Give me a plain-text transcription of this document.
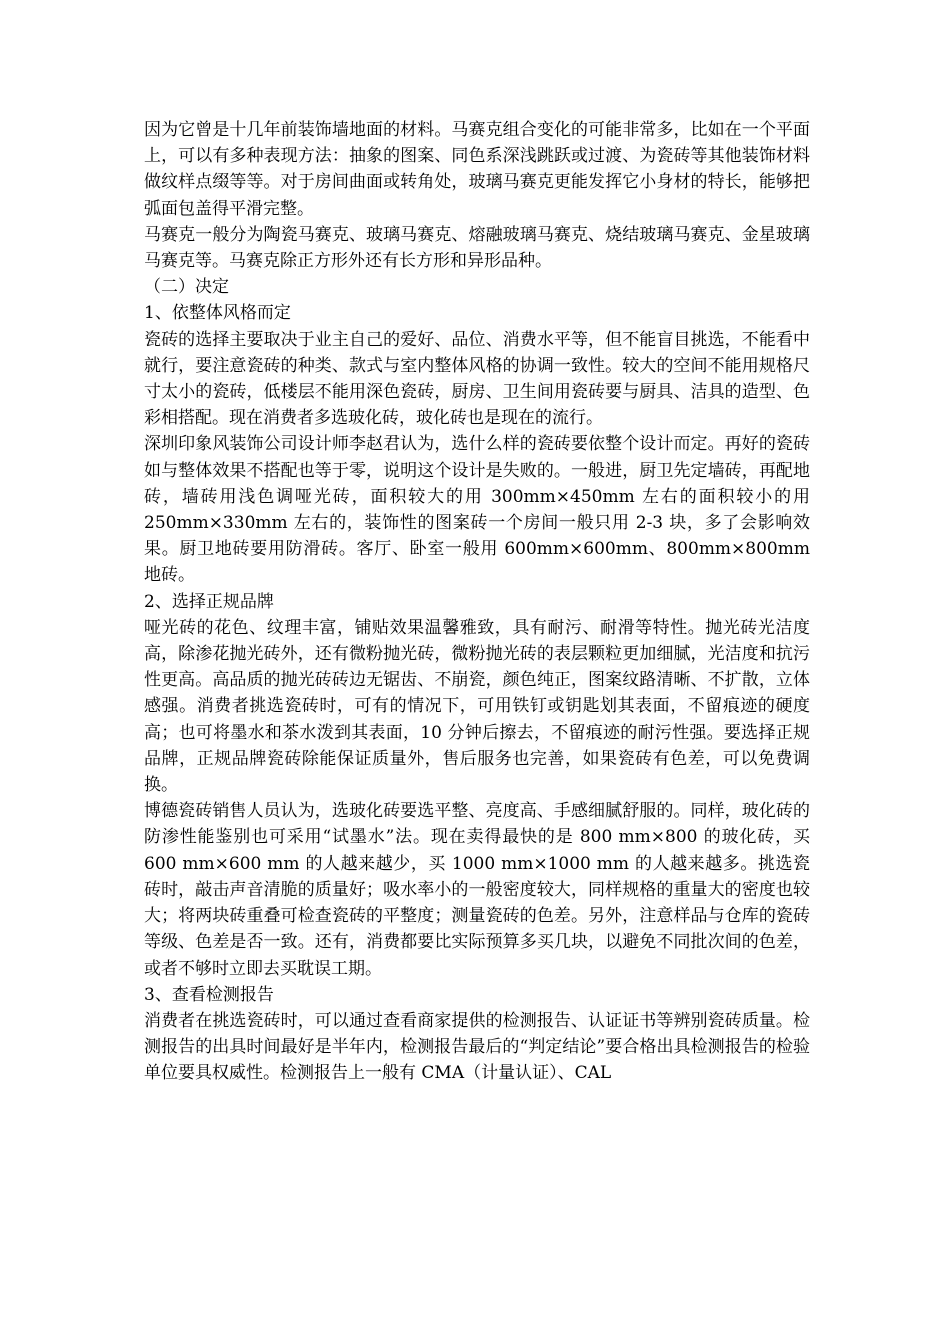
因为它曾是十几年前装饰墙地面的材料。马赛克组合变化的可能非常多，比如在一个平面上，可以有多种表现方法：抽象的图案、同色系深浅跳跃或过渡、为瓷砖等其他装饰材料做纹样点缀等等。对于房间曲面或转角处，玻璃马赛克更能发挥它小身材的特长，能够把弧面包盖得平滑完整。

马赛克一般分为陶瓷马赛克、玻璃马赛克、熔融玻璃马赛克、烧结玻璃马赛克、金星玻璃马赛克等。马赛克除正方形外还有长方形和异形品种。

（二）决定

1、依整体风格而定

瓷砖的选择主要取决于业主自己的爱好、品位、消费水平等，但不能盲目挑选，不能看中就行，要注意瓷砖的种类、款式与室内整体风格的协调一致性。较大的空间不能用规格尺寸太小的瓷砖，低楼层不能用深色瓷砖，厨房、卫生间用瓷砖要与厨具、洁具的造型、色彩相搭配。现在消费者多选玻化砖，玻化砖也是现在的流行。

深圳印象风装饰公司设计师李赵君认为，选什么样的瓷砖要依整个设计而定。再好的瓷砖如与整体效果不搭配也等于零，说明这个设计是失败的。一般进，厨卫先定墙砖，再配地砖，墙砖用浅色调哑光砖，面积较大的用 300mm×450mm 左右的面积较小的用 250mm×330mm 左右的，装饰性的图案砖一个房间一般只用 2-3 块，多了会影响效果。厨卫地砖要用防滑砖。客厅、卧室一般用 600mm×600mm、800mm×800mm 地砖。

2、选择正规品牌

哑光砖的花色、纹理丰富，铺贴效果温馨雅致，具有耐污、耐滑等特性。抛光砖光洁度高，除渗花抛光砖外，还有微粉抛光砖，微粉抛光砖的表层颗粒更加细腻，光洁度和抗污性更高。高品质的抛光砖砖边无锯齿、不崩瓷，颜色纯正，图案纹路清晰、不扩散，立体感强。消费者挑选瓷砖时，可有的情况下，可用铁钉或钥匙划其表面，不留痕迹的硬度高；也可将墨水和茶水泼到其表面，10 分钟后擦去，不留痕迹的耐污性强。要选择正规品牌，正规品牌瓷砖除能保证质量外，售后服务也完善，如果瓷砖有色差，可以免费调换。

博德瓷砖销售人员认为，选玻化砖要选平整、亮度高、手感细腻舒服的。同样，玻化砖的防渗性能鉴别也可采用“试墨水”法。现在卖得最快的是 800 mm×800 的玻化砖，买 600 mm×600 mm 的人越来越少，买 1000 mm×1000 mm 的人越来越多。挑选瓷砖时，敲击声音清脆的质量好；吸水率小的一般密度较大，同样规格的重量大的密度也较大；将两块砖重叠可检查瓷砖的平整度；测量瓷砖的色差。另外，注意样品与仓库的瓷砖等级、色差是否一致。还有，消费都要比实际预算多买几块，以避免不同批次间的色差，或者不够时立即去买耽误工期。

3、查看检测报告

消费者在挑选瓷砖时，可以通过查看商家提供的检测报告、认证证书等辨别瓷砖质量。检测报告的出具时间最好是半年内，检测报告最后的“判定结论”要合格出具检测报告的检验单位要具权威性。检测报告上一般有 CMA（计量认证）、CAL
